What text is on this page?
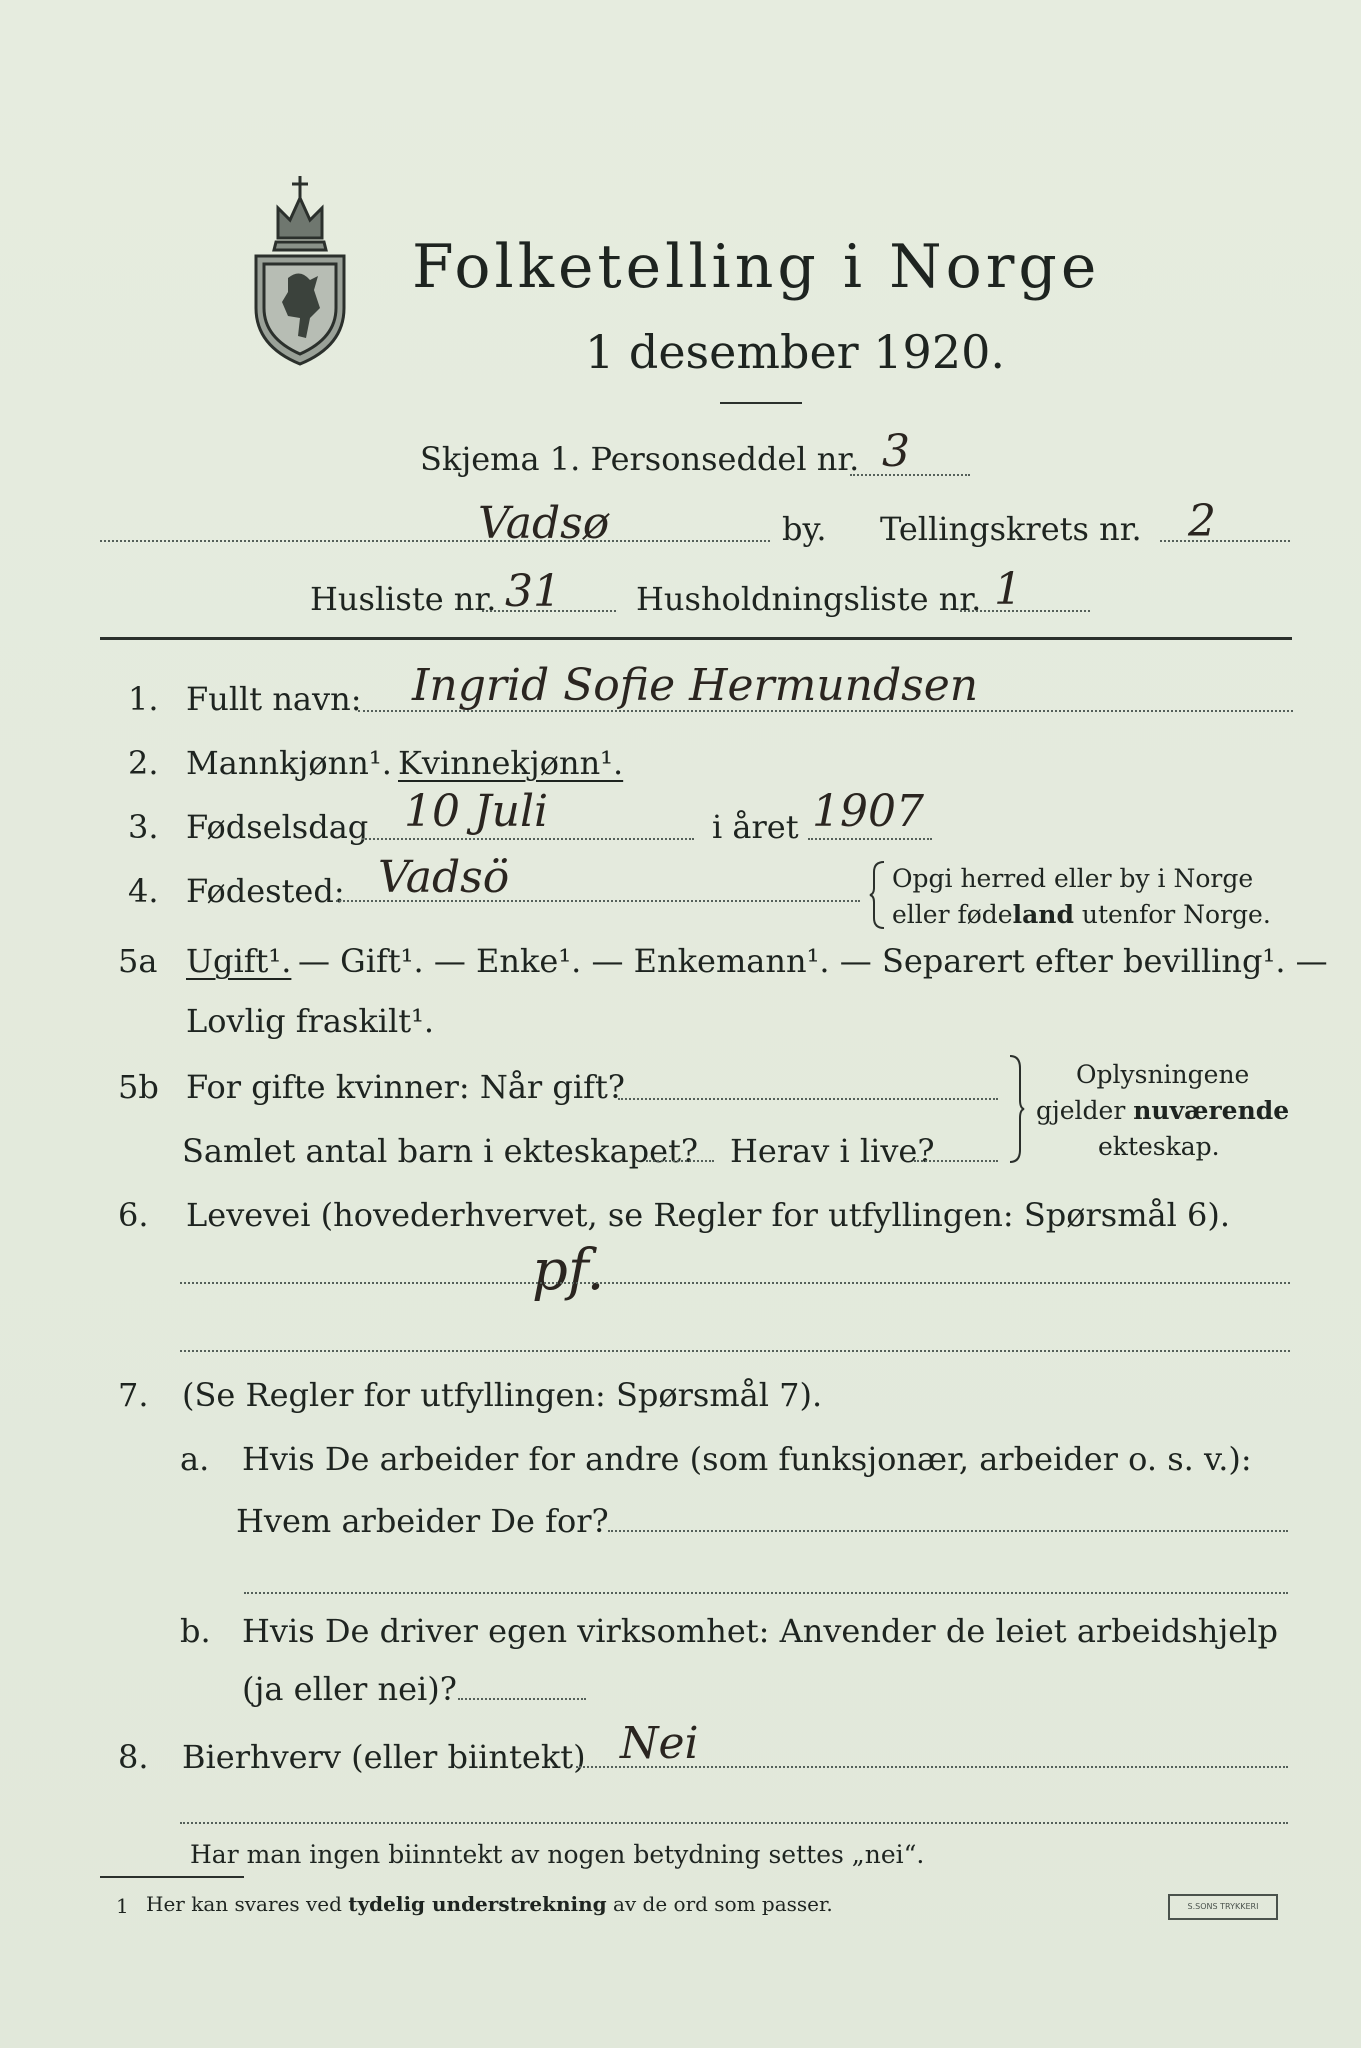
Folketelling i Norge
1 desember 1920.
Skjema 1. Personseddel nr. 3
Vadsø	by. Tellingskrets nr. 2
Husliste nr. 31 Husholdningsliste nr. 1
1. Fullt navn: Ingrid Sofie Hermundsen
2. Mannkjønn¹. Kvinnekjønn¹.
3. Fødselsdag 10 Juli	i året 1907
4. Fødested: Vadsö	Opgi herred eller by i Norge
eller fødeland utenfor Norge.
5a Ugift¹. — Gift¹. — Enke¹. — Enkemann¹. — Separert efter bevilling¹. —
Lovlig fraskilt¹.
5b For gifte kvinner: Når gift?
Samlet antal barn i ekteskapet? Herav i live?
Oplysningene
gjelder nuværende
ekteskap.
6. Levevei (hovederhvervet, se Regler for utfyllingen: Spørsmål 6).
pf.
7. (Se Regler for utfyllingen: Spørsmål 7).
a. Hvis De arbeider for andre (som funksjonær, arbeider o. s. v.):
Hvem arbeider De for?
b. Hvis De driver egen virksomhet: Anvender de leiet arbeidshjelp
(ja eller nei)?
8. Bierhverv (eller biintekt) Nei
Har man ingen biinntekt av nogen betydning settes „nei“.
1 Her kan svares ved tydelig understrekning av de ord som passer.	S.SONS TRYKKERI
